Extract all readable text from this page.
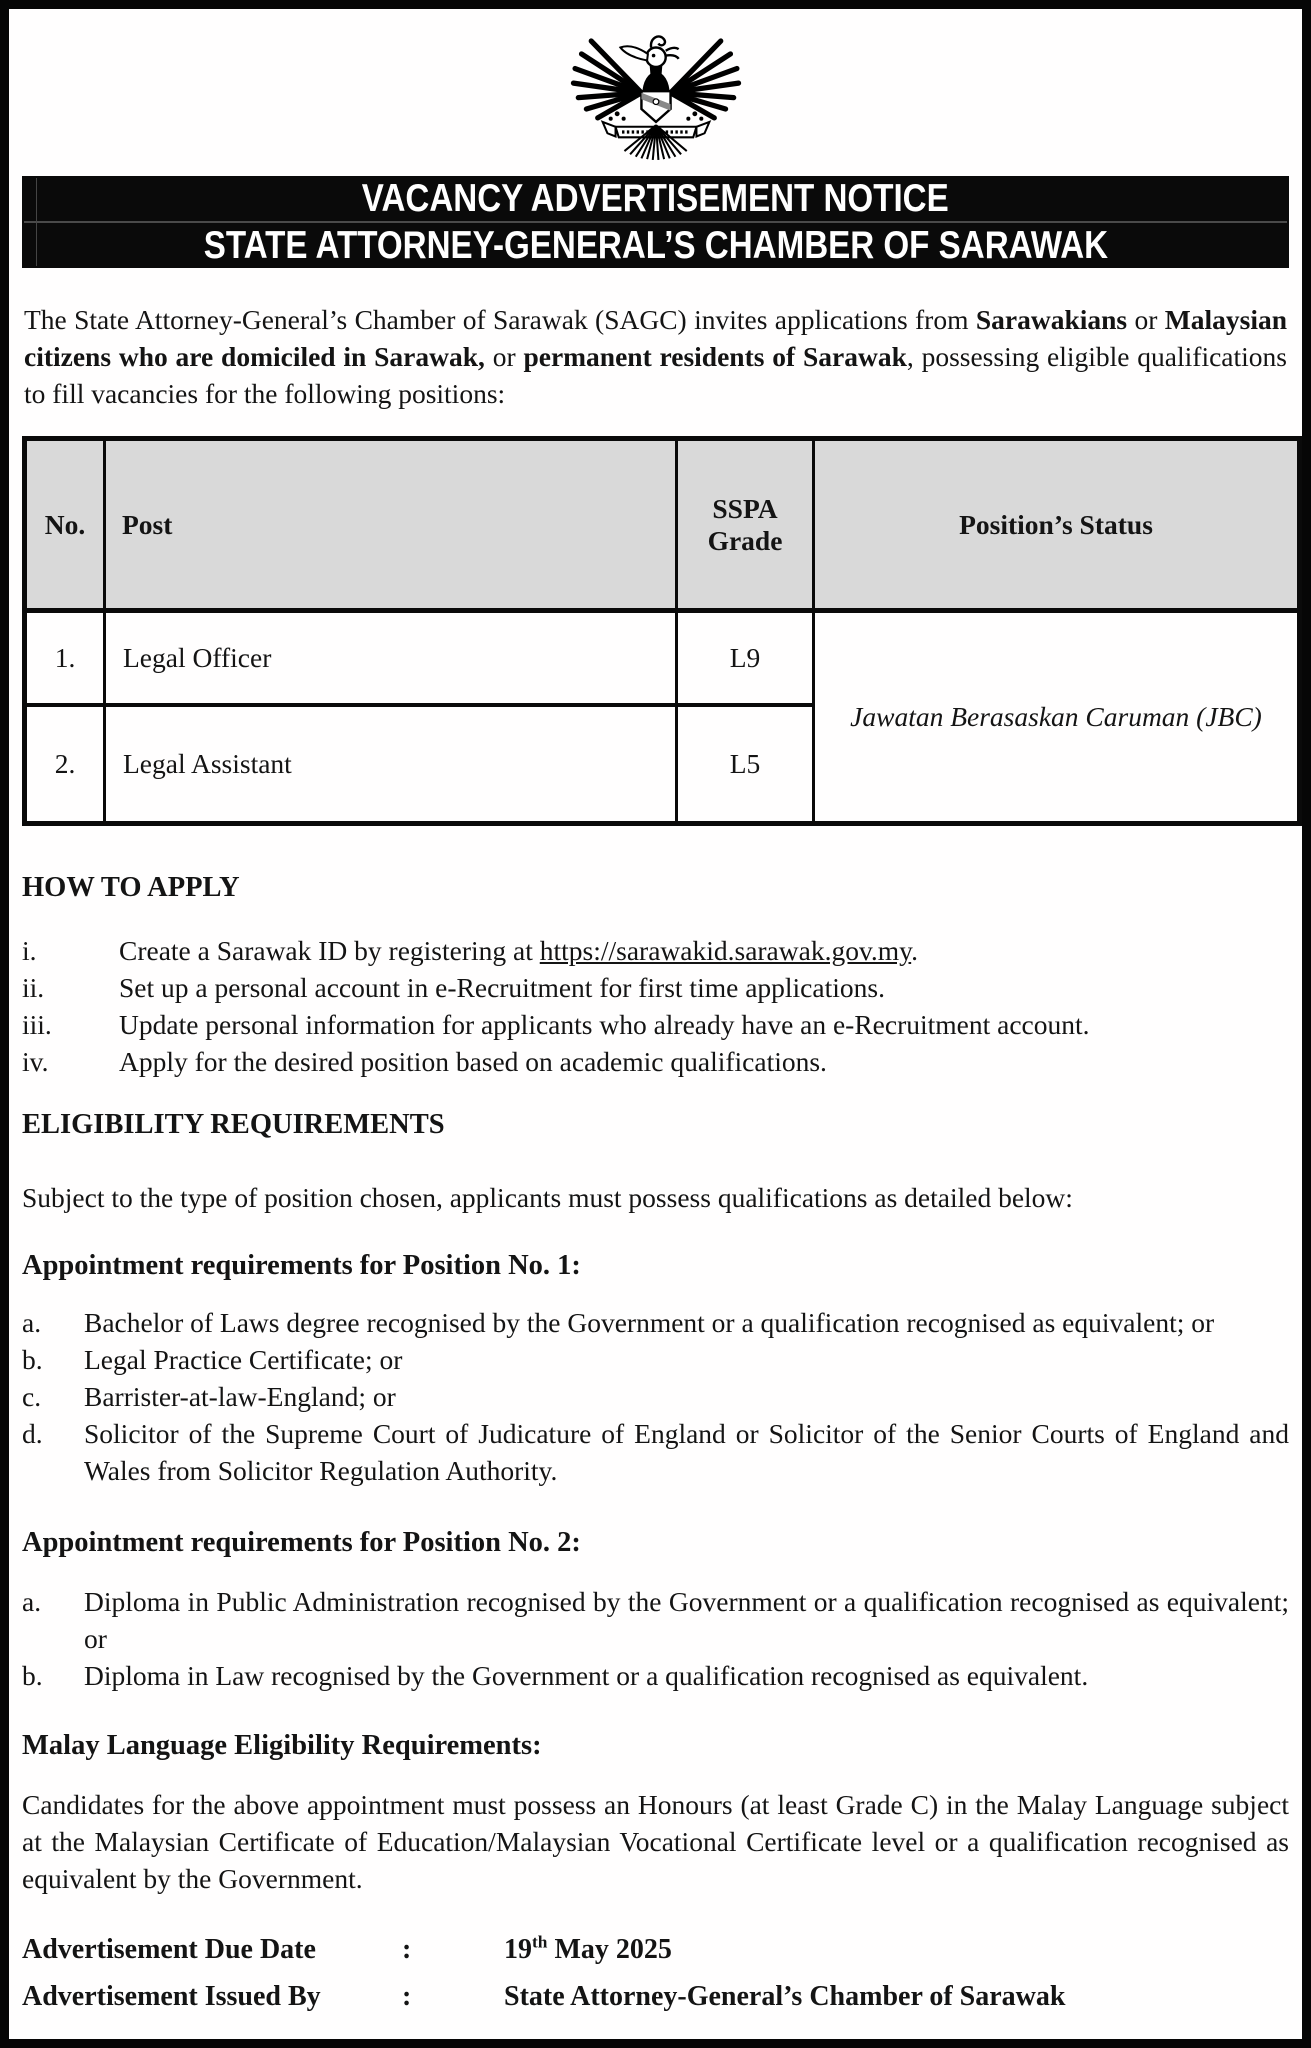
VACANCY ADVERTISEMENT NOTICE
STATE ATTORNEY-GENERAL’S CHAMBER OF SARAWAK

The State Attorney-General’s Chamber of Sarawak (SAGC) invites applications from Sarawakians or Malaysian citizens who are domiciled in Sarawak, or permanent residents of Sarawak, possessing eligible qualifications to fill vacancies for the following positions:

No.	Post	SSPA Grade	Position’s Status
1.	Legal Officer	L9	Jawatan Berasaskan Caruman (JBC)
2.	Legal Assistant	L5	
HOW TO APPLY
i.	Create a Sarawak ID by registering at https://sarawakid.sarawak.gov.my.
ii.	Set up a personal account in e-Recruitment for first time applications.
iii.	Update personal information for applicants who already have an e-Recruitment account.
iv.	Apply for the desired position based on academic qualifications.
ELIGIBILITY REQUIREMENTS

Subject to the type of position chosen, applicants must possess qualifications as detailed below:

Appointment requirements for Position No. 1:
a.	Bachelor of Laws degree recognised by the Government or a qualification recognised as equivalent; or
b.	Legal Practice Certificate; or
c.	Barrister-at-law-England; or
d.	Solicitor of the Supreme Court of Judicature of England or Solicitor of the Senior Courts of England and Wales from Solicitor Regulation Authority.
Appointment requirements for Position No. 2:
a.	Diploma in Public Administration recognised by the Government or a qualification recognised as equivalent; or
b.	Diploma in Law recognised by the Government or a qualification recognised as equivalent.
Malay Language Eligibility Requirements:

Candidates for the above appointment must possess an Honours (at least Grade C) in the Malay Language subject at the Malaysian Certificate of Education/Malaysian Vocational Certificate level or a qualification recognised as equivalent by the Government.

Advertisement Due Date	:	19th May 2025
Advertisement Issued By	:	State Attorney-General’s Chamber of Sarawak
